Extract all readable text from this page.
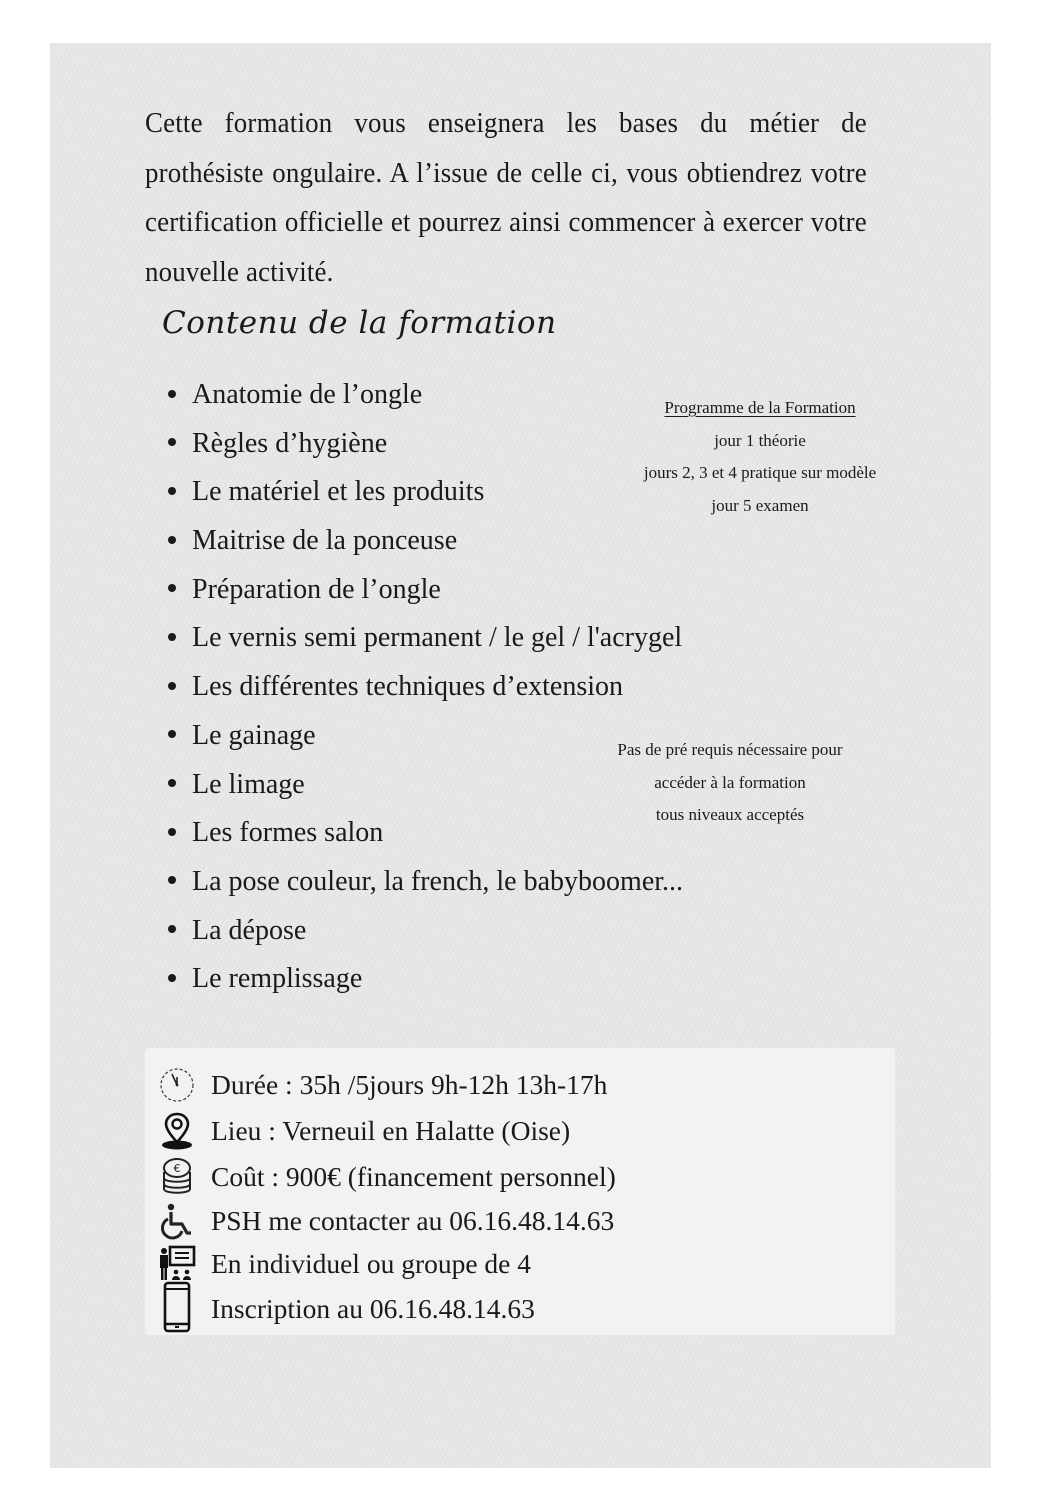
Cette formation vous enseignera les bases du métier de prothésiste ongulaire. A l’issue de celle ci, vous obtiendrez votre certification officielle et pourrez ainsi commencer à exercer votre nouvelle activité.

Contenu de la formation
Anatomie de l’ongle
Règles d’hygiène
Le matériel et les produits
Maitrise de la ponceuse
Préparation de l’ongle
Le vernis semi permanent / le gel / l'acrygel
Les différentes techniques d’extension
Le gainage
Le limage
Les formes salon
La pose couleur, la french, le babyboomer...
La dépose
Le remplissage
Programme de la Formation
jour 1 théorie
jours 2, 3 et 4 pratique sur modèle
jour 5 examen
Pas de pré requis nécessaire pour
accéder à la formation
tous niveaux acceptés
Durée : 35h /5jours 9h-12h 13h-17h
Lieu : Verneuil en Halatte (Oise)
€ Coût : 900€ (financement personnel)
PSH me contacter au 06.16.48.14.63
En individuel ou groupe de 4
Inscription au 06.16.48.14.63
